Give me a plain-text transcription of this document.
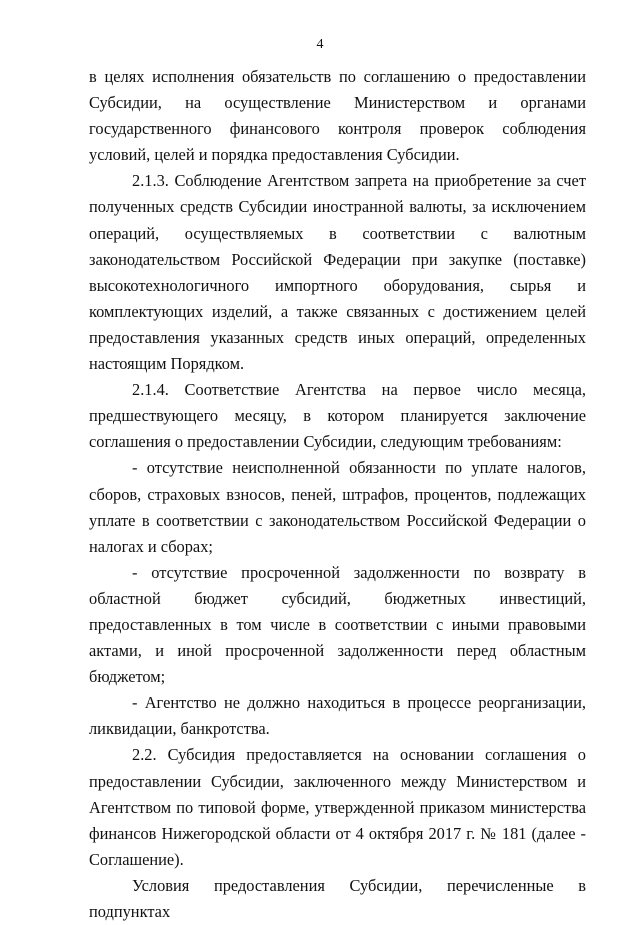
4

в целях исполнения обязательств по соглашению о предоставлении Субсидии, на осуществление Министерством и органами государственного финансового контроля проверок соблюдения условий, целей и порядка предоставления Субсидии.

2.1.3. Соблюдение Агентством запрета на приобретение за счет полученных средств Субсидии иностранной валюты, за исключением операций, осуществляемых в соответствии с валютным законодательством Российской Федерации при закупке (поставке) высокотехнологичного импортного оборудования, сырья и комплектующих изделий, а также связанных с достижением целей предоставления указанных средств иных операций, определенных настоящим Порядком.

2.1.4. Соответствие Агентства на первое число месяца, предшествующего месяцу, в котором планируется заключение соглашения о предоставлении Субсидии, следующим требованиям:

- отсутствие неисполненной обязанности по уплате налогов, сборов, страховых взносов, пеней, штрафов, процентов, подлежащих уплате в соответствии с законодательством Российской Федерации о налогах и сборах;

- отсутствие просроченной задолженности по возврату в областной бюджет субсидий, бюджетных инвестиций, предоставленных в том числе в соответствии с иными правовыми актами, и иной просроченной задолженности перед областным бюджетом;

- Агентство не должно находиться в процессе реорганизации, ликвидации, банкротства.

2.2. Субсидия предоставляется на основании соглашения о предоставлении Субсидии, заключенного между Министерством и Агентством по типовой форме, утвержденной приказом министерства финансов Нижегородской области от 4 октября 2017 г. № 181 (далее - Соглашение).

Условия предоставления Субсидии, перечисленные в подпунктах
